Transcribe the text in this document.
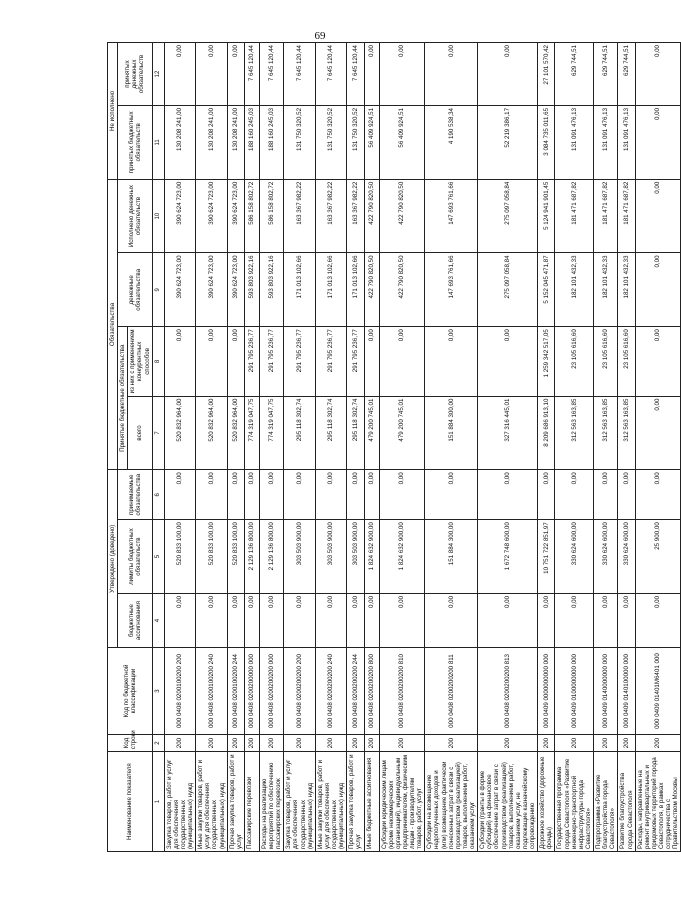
69
Наименование показателя	Код строки	Код по бюджетной классификации	Утверждено (доведено)			Обязательства				Не исполнено	
			бюджетные ассигнования	лимиты бюджетных обязательств	принимаемые обязательства	Принятые бюджетные обязательства		денежные обязательства	Исполнено денежных обязательств	принятых бюджетных обязательств	принятых денежных обязательств
						всего	из них с применением конкурентных способов				
1	2	3	4	5	6	7	8	9	10	11	12
Закупка товаров, работ и услуг для обеспечения государственных (муниципальных) нужд	200	000 0408 0200100200 200	0,00	520 833 100,00	0,00	520 832 964,00	0,00	390 624 723,00	390 624 723,00	130 208 241,00	0,00
Иные закупки товаров, работ и услуг для обеспечения государственных (муниципальных) нужд	200	000 0408 0200100200 240	0,00	520 833 100,00	0,00	520 832 964,00	0,00	390 624 723,00	390 624 723,00	130 208 241,00	0,00
Прочая закупка товаров, работ и услуг	200	000 0408 0200100200 244	0,00	520 833 100,00	0,00	520 832 964,00	0,00	390 624 723,00	390 624 723,00	130 208 241,00	0,00
Пассажирские перевозки	200	000 0408 0200200000 000	0,00	2 129 136 800,00	0,00	774 319 047,75	291 795 236,77	593 803 922,16	586 158 802,72	188 160 245,03	7 645 120,44
Расходы на реализацию мероприятий по обеспечению пассажирских перевозок	200	000 0408 0200200200 000	0,00	2 129 136 800,00	0,00	774 319 047,75	291 795 236,77	593 803 922,16	586 158 802,72	188 160 245,03	7 645 120,44
Закупка товаров, работ и услуг для обеспечения государственных (муниципальных) нужд	200	000 0408 0200200200 200	0,00	303 503 900,00	0,00	295 118 302,74	291 795 236,77	171 013 102,66	163 367 982,22	131 750 320,52	7 645 120,44
Иные закупки товаров, работ и услуг для обеспечения государственных (муниципальных) нужд	200	000 0408 0200200200 240	0,00	303 503 900,00	0,00	295 118 302,74	291 795 236,77	171 013 102,66	163 367 982,22	131 750 320,52	7 645 120,44
Прочая закупка товаров, работ и услуг	200	000 0408 0200200200 244	0,00	303 503 900,00	0,00	295 118 302,74	291 795 236,77	171 013 102,66	163 367 982,22	131 750 320,52	7 645 120,44
Иные бюджетные ассигнования	200	000 0408 0200200200 800	0,00	1 824 632 900,00	0,00	479 200 745,01	0,00	422 790 820,50	422 790 820,50	56 409 924,51	0,00
Субсидии юридическим лицам (кроме некоммерческих организаций), индивидуальным предпринимателям, физическим лицам - производителям товаров, работ, услуг	200	000 0408 0200200200 810	0,00	1 824 632 900,00	0,00	479 200 745,01	0,00	422 790 820,50	422 790 820,50	56 409 924,51	0,00
Субсидии на возмещение недополученных доходов и (или) возмещение фактически понесенных затрат в связи с производством (реализацией) товаров, выполнением работ, оказанием услуг	200	000 0408 0200200200 811	0,00	151 884 300,00	0,00	151 884 300,00	0,00	147 693 761,66	147 693 761,66	4 190 538,34	0,00
Субсидии (гранты в форме субсидий) на финансовое обеспечение затрат в связи с производством (реализацией) товаров, выполнением работ, оказанием услуг, не подлежащие казначейскому сопровождению	200	000 0408 0200200200 813	0,00	1 672 748 600,00	0,00	327 316 445,01	0,00	275 097 058,84	275 097 058,84	52 219 386,17	0,00
Дорожное хозяйство (дорожные фонды)	200	000 0409 0000000000 000	0,00	10 751 722 851,97	0,00	8 209 686 913,10	1 259 342 517,05	5 152 045 471,87	5 124 941 901,45	3 084 735 011,65	27 101 570,42
Государственная программа города Севастополя «Развитие инженерно-транспортной инфраструктуры города Севастополя»	200	000 0409 0100000000 000	0,00	330 624 600,00	0,00	312 563 163,85	23 105 616,60	182 101 432,33	181 471 687,82	131 091 476,13	629 744,51
Подпрограмма «Развитие благоустройства города Севастополя»	200	000 0409 0140000000 000	0,00	330 624 600,00	0,00	312 563 163,85	23 105 616,60	182 101 432,33	181 471 687,82	131 091 476,13	629 744,51
Развитие благоустройства города Севастополя	200	000 0409 0140100000 000	0,00	330 624 600,00	0,00	312 563 163,85	23 105 616,60	182 101 432,33	181 471 687,82	131 091 476,13	629 744,51
Расходы, направленные на ремонт внутриквартальных и придомовых территорий города Севастополя, в рамках сотрудничества с Правительством Москвы	200	000 0409 01401M6401 000	0,00	25 900,00	0,00	0,00	0,00	0,00	0,00	0,00	0,00
